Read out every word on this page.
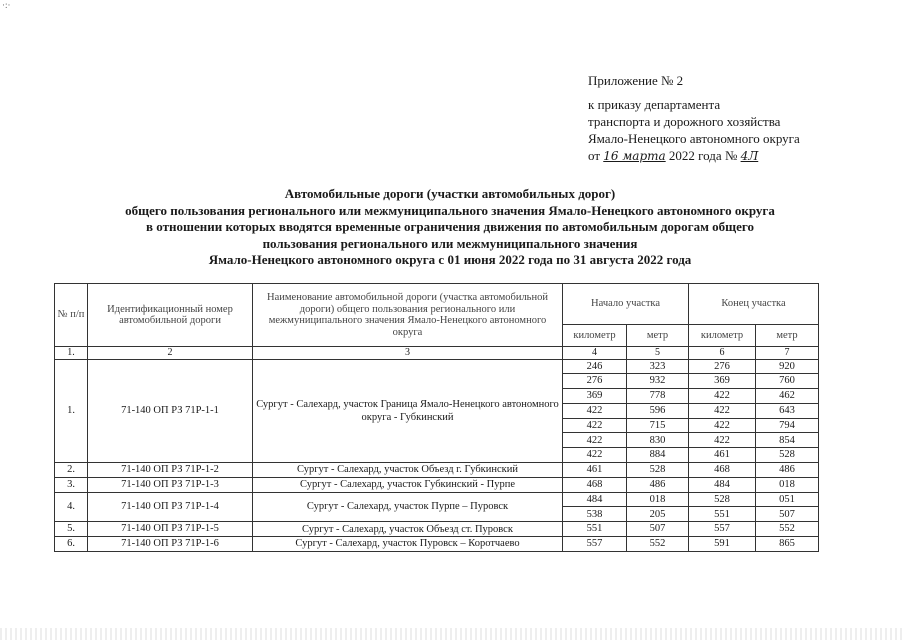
·:·
Приложение № 2
к приказу департамента
транспорта и дорожного хозяйства
Ямало-Ненецкого автономного округа
от 16 марта 2022 года № 4Л
Автомобильные дороги (участки автомобильных дорог)
общего пользования регионального или межмуниципального значения Ямало-Ненецкого автономного округа
в отношении которых вводятся временные ограничения движения по автомобильным дорогам общего
пользования регионального или межмуниципального значения
Ямало-Ненецкого автономного округа с 01 июня 2022 года по 31 августа 2022 года
№ п/п	Идентификационный номер автомобильной дороги	Наименование автомобильной дороги (участка автомобильной дороги) общего пользования регионального или межмуниципального значения Ямало-Ненецкого автономного округа	Начало участка		Конец участка	
			километр	метр	километр	метр
1.	2	3	4	5	6	7
1.	71-140 ОП РЗ 71Р-1-1	Сургут - Салехард, участок Граница Ямало-Ненецкого автономного округа - Губкинский	246	323	276	920
			276	932	369	760
			369	778	422	462
			422	596	422	643
			422	715	422	794
			422	830	422	854
			422	884	461	528
2.	71-140 ОП РЗ 71Р-1-2	Сургут - Салехард, участок Объезд г. Губкинский	461	528	468	486
3.	71-140 ОП РЗ 71Р-1-3	Сургут - Салехард, участок Губкинский - Пурпе	468	486	484	018
4.	71-140 ОП РЗ 71Р-1-4	Сургут - Салехард, участок Пурпе – Пуровск	484	018	528	051
			538	205	551	507
5.	71-140 ОП РЗ 71Р-1-5	Сургут - Салехард, участок Объезд ст. Пуровск	551	507	557	552
6.	71-140 ОП РЗ 71Р-1-6	Сургут - Салехард, участок Пуровск – Коротчаево	557	552	591	865
